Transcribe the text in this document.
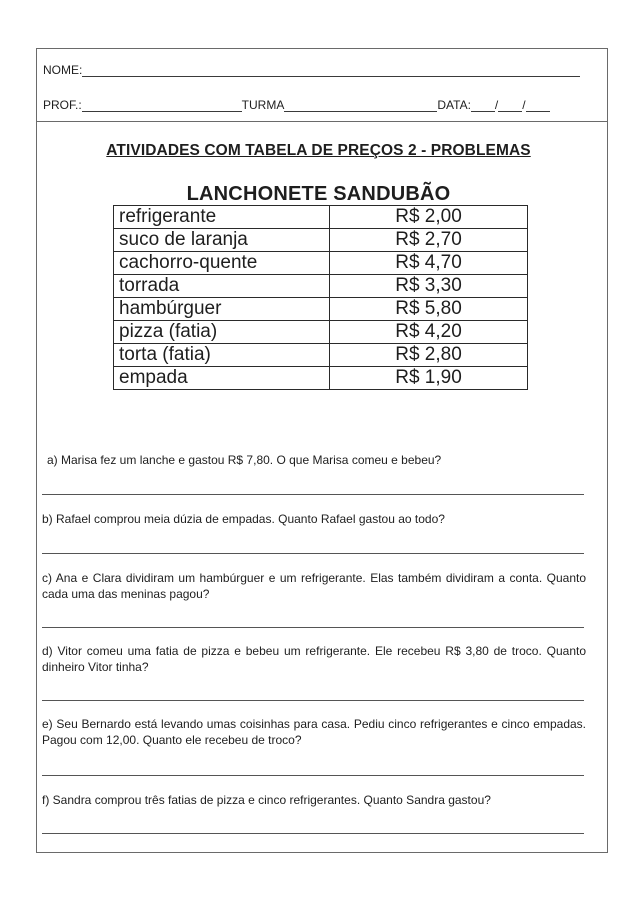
NOME:
PROF.:	TURMA	DATA: / /
ATIVIDADES COM TABELA DE PREÇOS 2 - PROBLEMAS
LANCHONETE SANDUBÃO
refrigerante	R$ 2,00
suco de laranja	R$ 2,70
cachorro-quente	R$ 4,70
torrada	R$ 3,30
hambúrguer	R$ 5,80
pizza (fatia)	R$ 4,20
torta (fatia)	R$ 2,80
empada	R$ 1,90
a) Marisa fez um lanche e gastou R$ 7,80. O que Marisa comeu e bebeu?
b) Rafael comprou meia dúzia de empadas. Quanto Rafael gastou ao todo?
c) Ana e Clara dividiram um hambúrguer e um refrigerante. Elas também dividiram a conta. Quanto cada uma das meninas pagou?
d) Vitor comeu uma fatia de pizza e bebeu um refrigerante. Ele recebeu R$ 3,80 de troco. Quanto dinheiro Vitor tinha?
e) Seu Bernardo está levando umas coisinhas para casa. Pediu cinco refrigerantes e cinco empadas. Pagou com 12,00. Quanto ele recebeu de troco?
f) Sandra comprou três fatias de pizza e cinco refrigerantes. Quanto Sandra gastou?
